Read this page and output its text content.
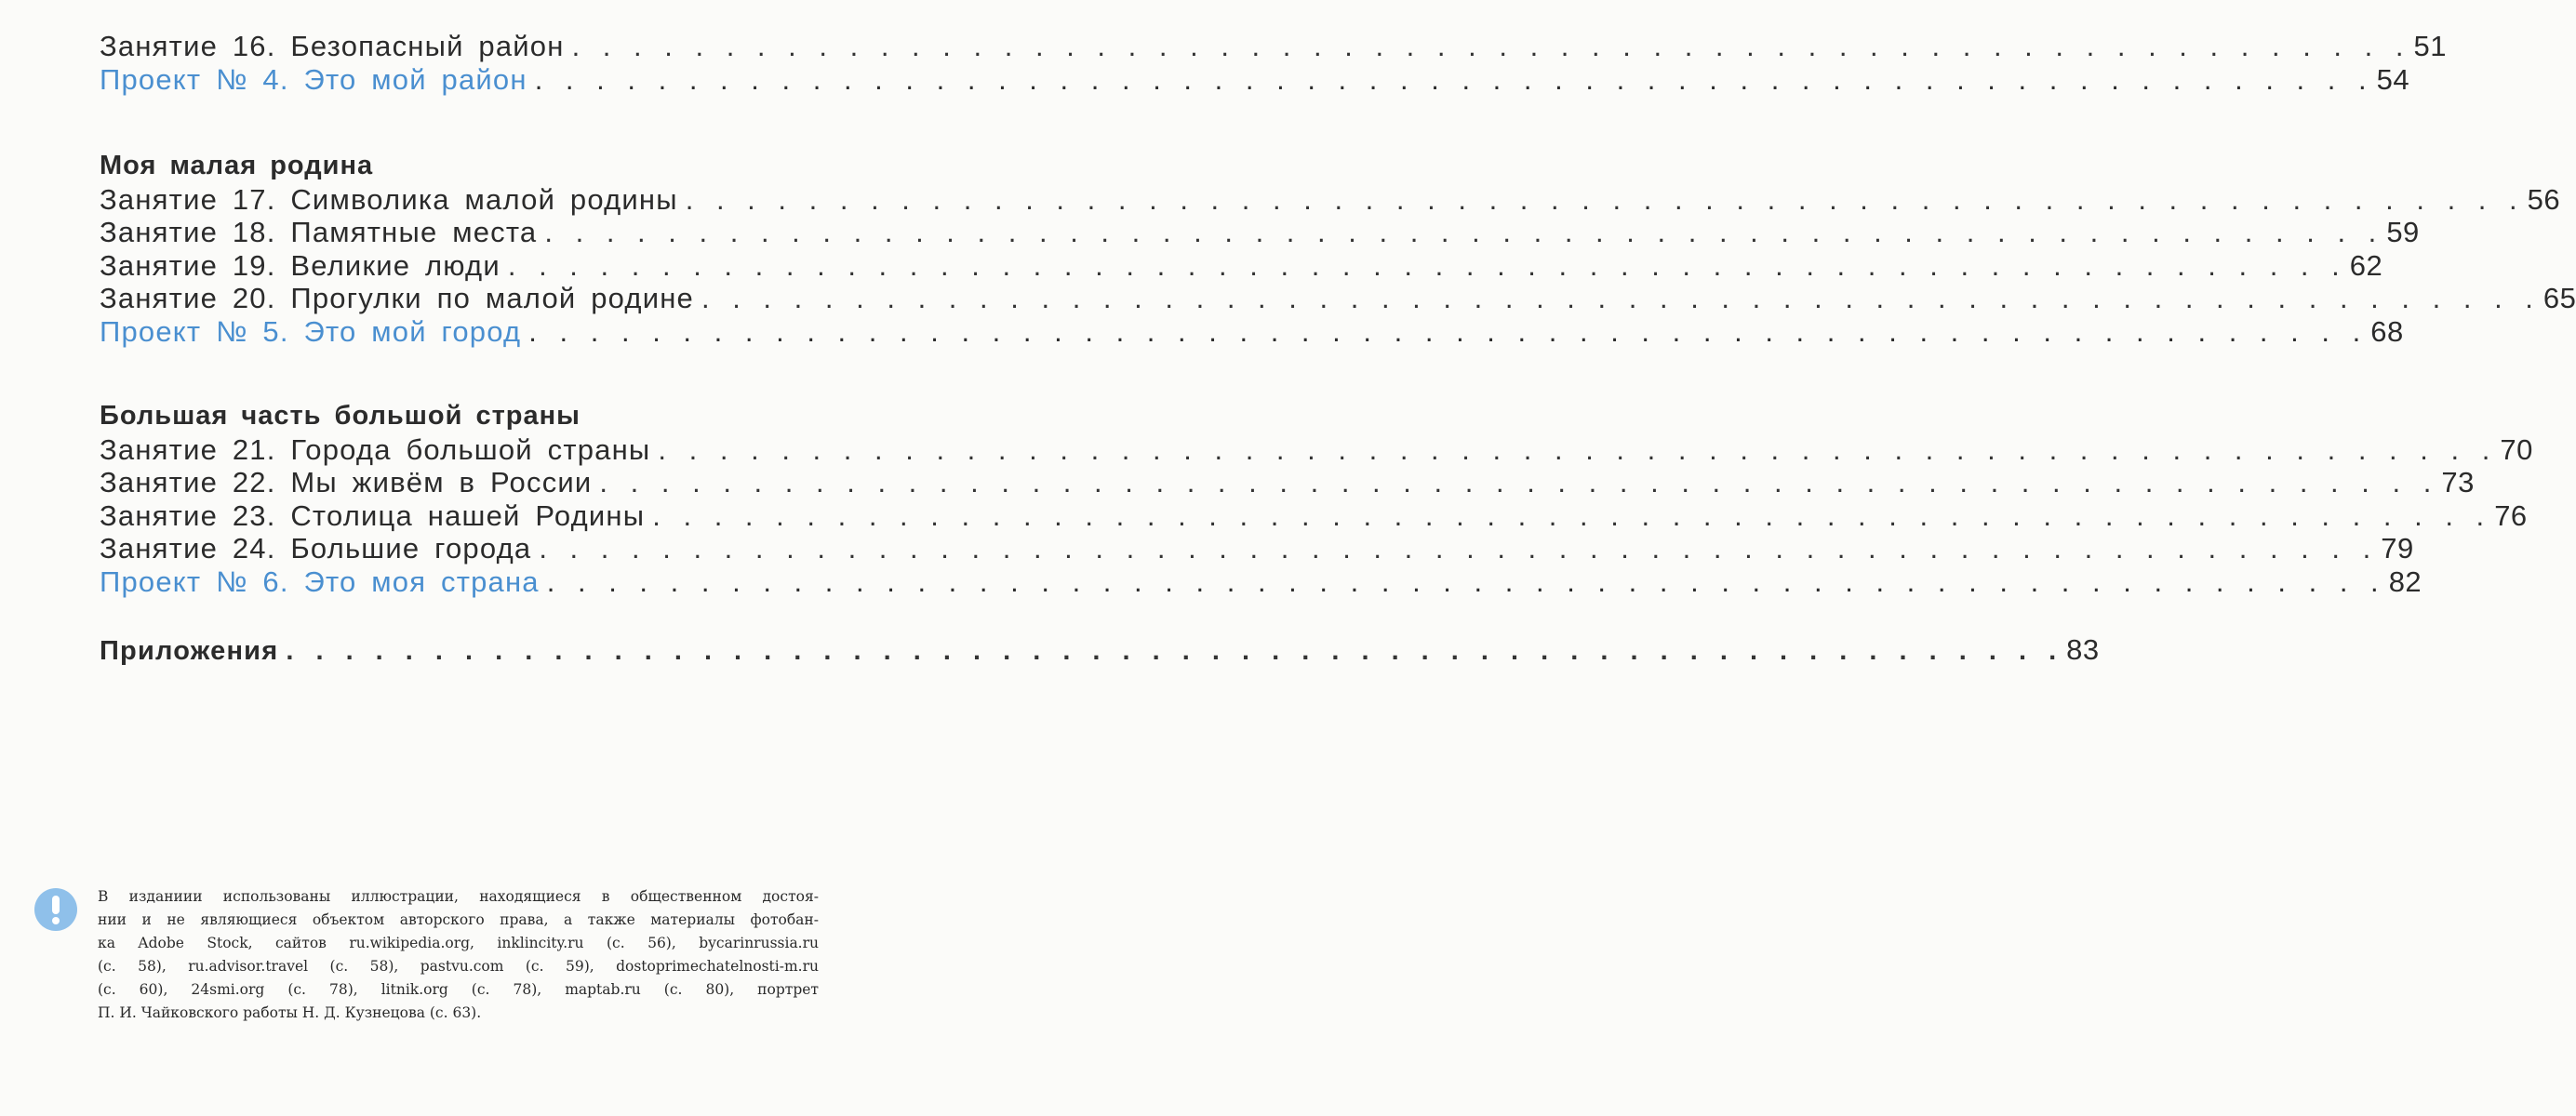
Занятие 16. Безопасный район . . . . . . . . . . . . . . . . . . . . . . . . . . . . . . . . . . . . . . . . . . . . . . . . . . . . . . . . . . . . 51
Проект № 4. Это мой район . . . . . . . . . . . . . . . . . . . . . . . . . . . . . . . . . . . . . . . . . . . . . . . . . . . . . . . . . . . . 54
Моя малая родина
Занятие 17. Символика малой родины . . . . . . . . . . . . . . . . . . . . . . . . . . . . . . . . . . . . . . . . . . . . . . . . . . . . . . . . . . . . 56
Занятие 18. Памятные места . . . . . . . . . . . . . . . . . . . . . . . . . . . . . . . . . . . . . . . . . . . . . . . . . . . . . . . . . . . . 59
Занятие 19. Великие люди . . . . . . . . . . . . . . . . . . . . . . . . . . . . . . . . . . . . . . . . . . . . . . . . . . . . . . . . . . . . 62
Занятие 20. Прогулки по малой родине . . . . . . . . . . . . . . . . . . . . . . . . . . . . . . . . . . . . . . . . . . . . . . . . . . . . . . . . . . . . 65
Проект № 5. Это мой город . . . . . . . . . . . . . . . . . . . . . . . . . . . . . . . . . . . . . . . . . . . . . . . . . . . . . . . . . . . . 68
Большая часть большой страны
Занятие 21. Города большой страны . . . . . . . . . . . . . . . . . . . . . . . . . . . . . . . . . . . . . . . . . . . . . . . . . . . . . . . . . . . . 70
Занятие 22. Мы живём в России . . . . . . . . . . . . . . . . . . . . . . . . . . . . . . . . . . . . . . . . . . . . . . . . . . . . . . . . . . . . 73
Занятие 23. Столица нашей Родины . . . . . . . . . . . . . . . . . . . . . . . . . . . . . . . . . . . . . . . . . . . . . . . . . . . . . . . . . . . . 76
Занятие 24. Большие города . . . . . . . . . . . . . . . . . . . . . . . . . . . . . . . . . . . . . . . . . . . . . . . . . . . . . . . . . . . . 79
Проект № 6. Это моя страна . . . . . . . . . . . . . . . . . . . . . . . . . . . . . . . . . . . . . . . . . . . . . . . . . . . . . . . . . . . . 82
Приложения . . . . . . . . . . . . . . . . . . . . . . . . . . . . . . . . . . . . . . . . . . . . . . . . . . . . . . . . . . . . 83
В изданиии использованы иллюстрации, находящиеся в общественном достоя-
нии и не являющиеся объектом авторского права, а также материалы фотобан-
ка Adobe Stock, сайтов ru.wikipedia.org, inklincity.ru (с. 56), bycarinrussia.ru
(с. 58), ru.advisor.travel (с. 58), pastvu.com (с. 59), dostoprimechatelnosti-m.ru
(с. 60), 24smi.org (с. 78), litnik.org (с. 78), maptab.ru (с. 80), портрет
П. И. Чайковского работы Н. Д. Кузнецова (с. 63).
